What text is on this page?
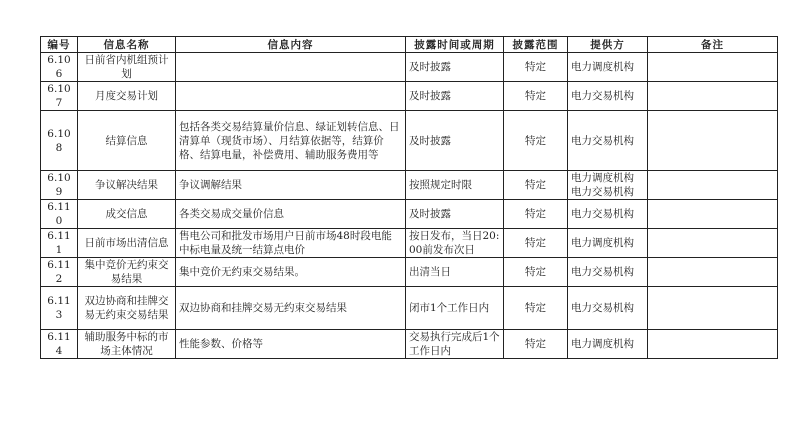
编号	信息名称	信息内容	披露时间或周期	披露范围	提供方	备注
6.106	日前省内机组预计划		及时披露	特定	电力调度机构	
6.107	月度交易计划		及时披露	特定	电力交易机构	
6.108	结算信息	包括各类交易结算量价信息、绿证划转信息、日清算单（现货市场）、月结算依据等，结算价格、结算电量，补偿费用、辅助服务费用等	及时披露	特定	电力交易机构	
6.109	争议解决结果	争议调解结果	按照规定时限	特定	电力调度机构 电力交易机构	
6.110	成交信息	各类交易成交量价信息	及时披露	特定	电力交易机构	
6.111	日前市场出清信息	售电公司和批发市场用户日前市场48时段电能中标电量及统一结算点电价	按日发布，当日20:00前发布次日	特定	电力调度机构	
6.112	集中竞价无约束交易结果	集中竞价无约束交易结果。	出清当日	特定	电力交易机构	
6.113	双边协商和挂牌交易无约束交易结果	双边协商和挂牌交易无约束交易结果	闭市1个工作日内	特定	电力交易机构	
6.114	辅助服务中标的市场主体情况	性能参数、价格等	交易执行完成后1个工作日内	特定	电力调度机构	
